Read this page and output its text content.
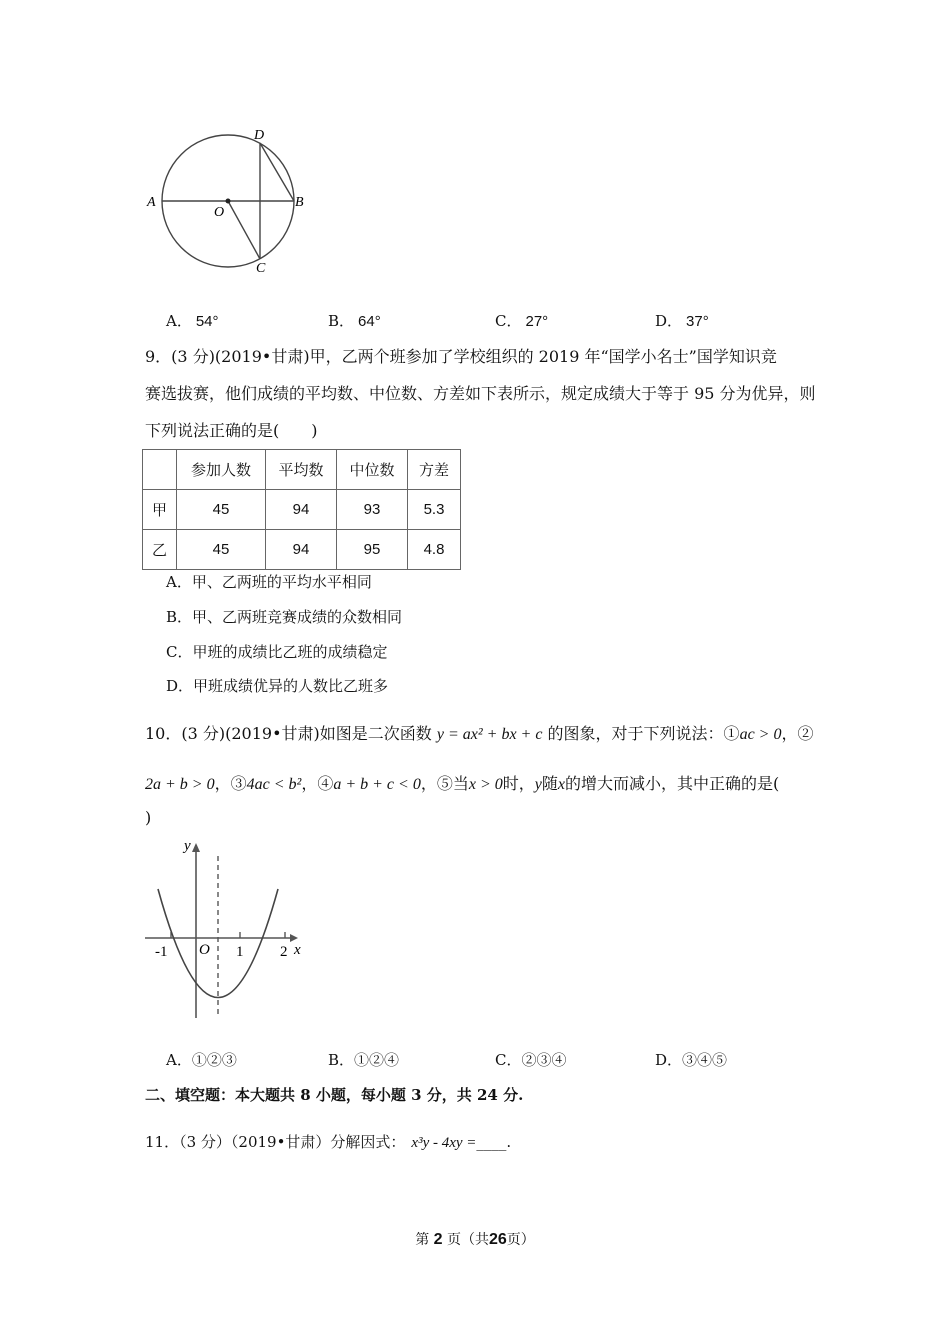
A
O
B
D
C
A． 54°	B． 64°	C． 27°	D． 37°
9．(3 分)(2019•甘肃)甲，乙两个班参加了学校组织的 2019 年“国学小名士”国学知识竞
赛选拔赛，他们成绩的平均数、中位数、方差如下表所示，规定成绩大于等于 95 分为优异，则
下列说法正确的是(　　)
	参加人数	平均数	中位数	方差
甲	45	94	93	5.3
乙	45	94	95	4.8
A．甲、乙两班的平均水平相同
B．甲、乙两班竞赛成绩的众数相同
C．甲班的成绩比乙班的成绩稳定
D．甲班成绩优异的人数比乙班多
10．(3 分)(2019•甘肃)如图是二次函数 y = ax² + bx + c 的图象，对于下列说法：①ac > 0，②
2a + b > 0，③4ac < b²，④a + b + c < 0，⑤当x > 0时，y随x的增大而减小，其中正确的是(
)
y
x
O
-1	1 2
A．①②③	B．①②④	C．②③④	D．③④⑤
二、填空题：本大题共 8 小题，每小题 3 分，共 24 分.
11．（3 分）（2019•甘肃）分解因式： x³y - 4xy =____.
第 2 页（共26页）
